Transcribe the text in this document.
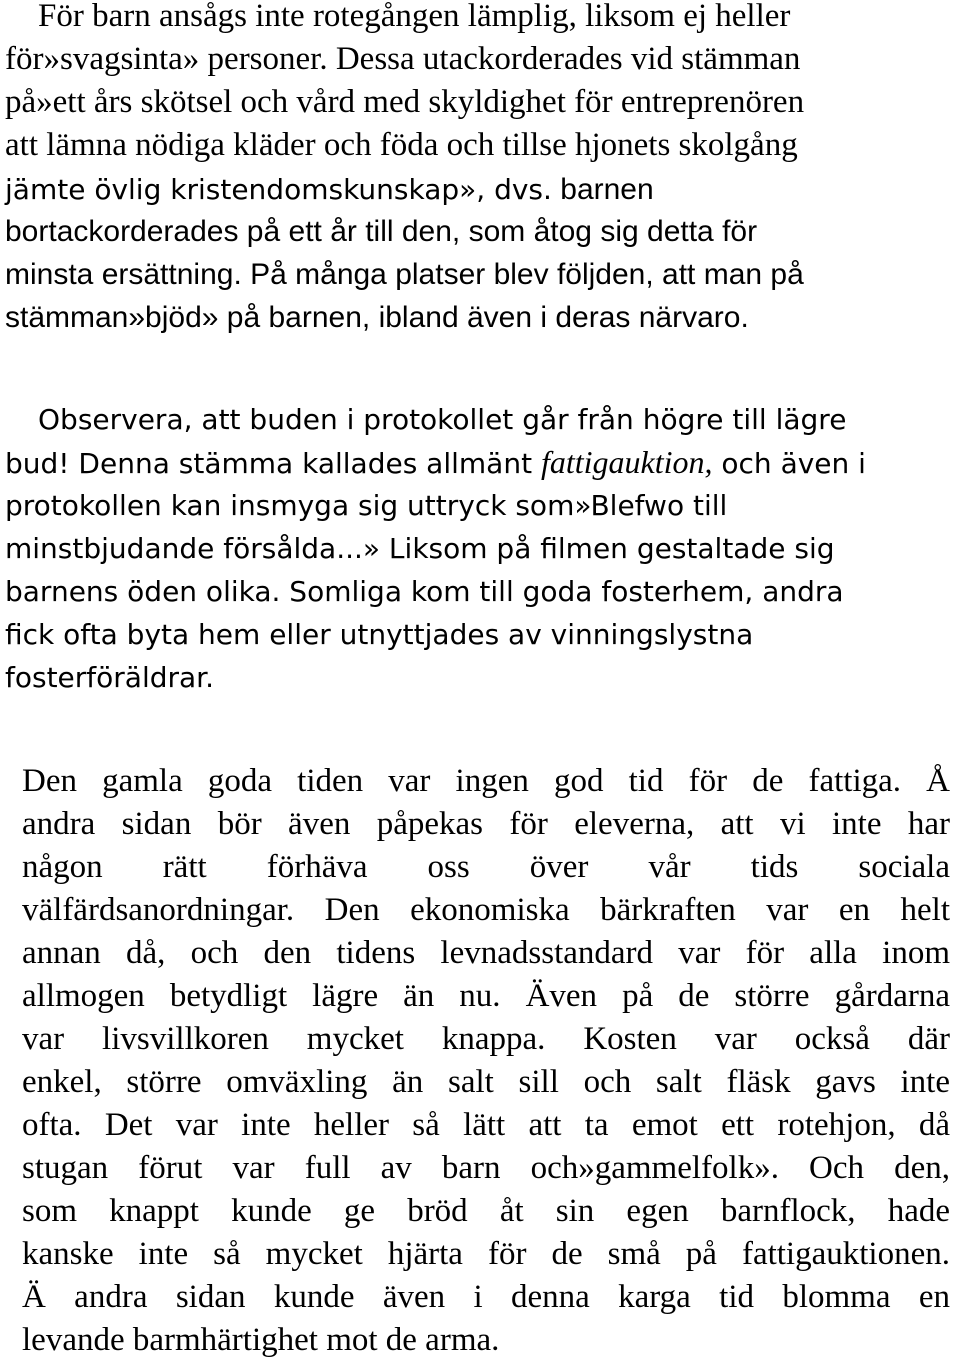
För barn ansågs inte rotegången lämplig, liksom ej heller
för»svagsinta» personer. Dessa utackorderades vid stämman
på»ett års skötsel och vård med skyldighet för entreprenören
att lämna nödiga kläder och föda och tillse hjonets skolgång
jämte övlig kristendomskunskap», dvs. barnen
bortackorderades på ett år till den, som åtog sig detta för
minsta ersättning. På många platser blev följden, att man på
stämman»bjöd» på barnen, ibland även i deras närvaro.
Observera, att buden i protokollet går från högre till lägre
bud! Denna stämma kallades allmänt fattigauktion, och även i
protokollen kan insmyga sig uttryck som»Blefwo till
minstbjudande försålda...» Liksom på filmen gestaltade sig
barnens öden olika. Somliga kom till goda fosterhem, andra
fick ofta byta hem eller utnyttjades av vinningslystna
fosterföräldrar.
Den gamla goda tiden var ingen god tid för de fattiga. Å
andra sidan bör även påpekas för eleverna, att vi inte har
någon rätt förhäva oss över vår tids sociala
välfärdsanordningar. Den ekonomiska bärkraften var en helt
annan då, och den tidens levnadsstandard var för alla inom
allmogen betydligt lägre än nu. Även på de större gårdarna
var livsvillkoren mycket knappa. Kosten var också där
enkel, större omväxling än salt sill och salt fläsk gavs inte
ofta. Det var inte heller så lätt att ta emot ett rotehjon, då
stugan förut var full av barn och»gammelfolk». Och den,
som knappt kunde ge bröd åt sin egen barnflock, hade
kanske inte så mycket hjärta för de små på fattigauktionen.
Ä andra sidan kunde även i denna karga tid blomma en
levande barmhärtighet mot de arma.
